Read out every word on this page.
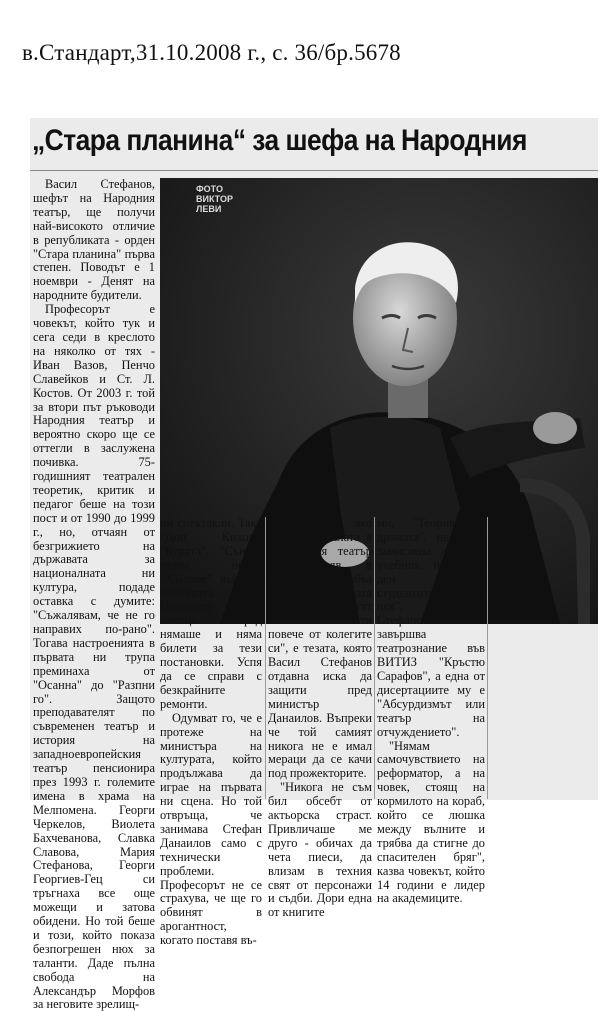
в.Стандарт,31.10.2008 г., с. 36/бр.5678
„Стара планина“ за шефа на Народния
ФОТО
ВИКТОР
ЛЕВИ

Васил Стефанов, шефът на Народния театър, ще получи най-високото отличие в републиката - орден "Стара планина" първа степен. Поводът е 1 ноември - Денят на народните будители.

Професорът е човекът, който тук и сега седи в креслото на няколко от тях - Иван Вазов, Пенчо Славейков и Ст. Л. Костов. От 2003 г. той за втори път ръководи Народния театър и вероятно скоро ще се оттегли в заслужена почивка. 75-годишният театрален теоретик, критик и педагог беше на този пост и от 1990 до 1999 г., но, отчаян от безгрижието на държавата за националната ни култура, подаде оставка с думите: "Съжалявам, че не го направих по-рано". Тогава настроенията в първата ни трупа преминаха от "Осанна" до "Разпни го". Защото преподавателят по съвременен театър и история на западноевропейския театър пенсионира през 1993 г. големите имена в храма на Мелпомена. Георги Черкелов, Виолета Бахчеванова, Славка Славова, Мария Стефанова, Георги Георгиев-Гец си тръгнаха все още можещи и затова обидени. Но той беше и този, който показа безпогрешен нюх за таланти. Даде пълна свобода на Александър Морфов за неговите зрелищ-

ни спектакли. Така "Дон Кихот", "Бурята", "Сън в лятна нощ", "Хъшове" върнаха публиката в Народния и месеци напред нямаше и няма билети за тези постановки. Успя да се справи с безкрайните ремонти.

Одумват го, че е протеже на министъра на културата, който продължава да играе на първата ни сцена. Но той отвръща, че занимава Стефан Данаилов само с технически проблеми. Професорът не се страхува, че ще го обвинят в арогантност, когато поставя въ-

проса, че ако средната заплата в българския театър е 500 лв., в Народния трябва да е 750. "Хората тук работят няколко пъти повече от колегите си", е тезата, която Васил Стефанов отдавна иска да защити пред министър Данаилов. Въпреки че той самият никога не е имал мерaци да се качи под прожекторите.

"Никога не съм бил обсебт от актьорска страст. Привличаше ме друго - обичах да чета пиеси, да влизам в техния свят от персонажи и съдби. Дори една от книгите

ми, "Теория на драмата", не беше замислена да бъде учебник, но и до ден днешен студентите учат от нея", разказва Стефанов. Затова завършва театрознание във ВИТИЗ "Кръстю Сарафов", а една от дисертациите му е "Абсурдизмът или театър на отчуждението".

"Нямам самочувствието на реформатор, а на човек, стоящ на кормилото на кораб, който се люшка между вълните и трябва да стигне до спасителен бряг", казва човекът, който 14 години е лидер на академиците.
